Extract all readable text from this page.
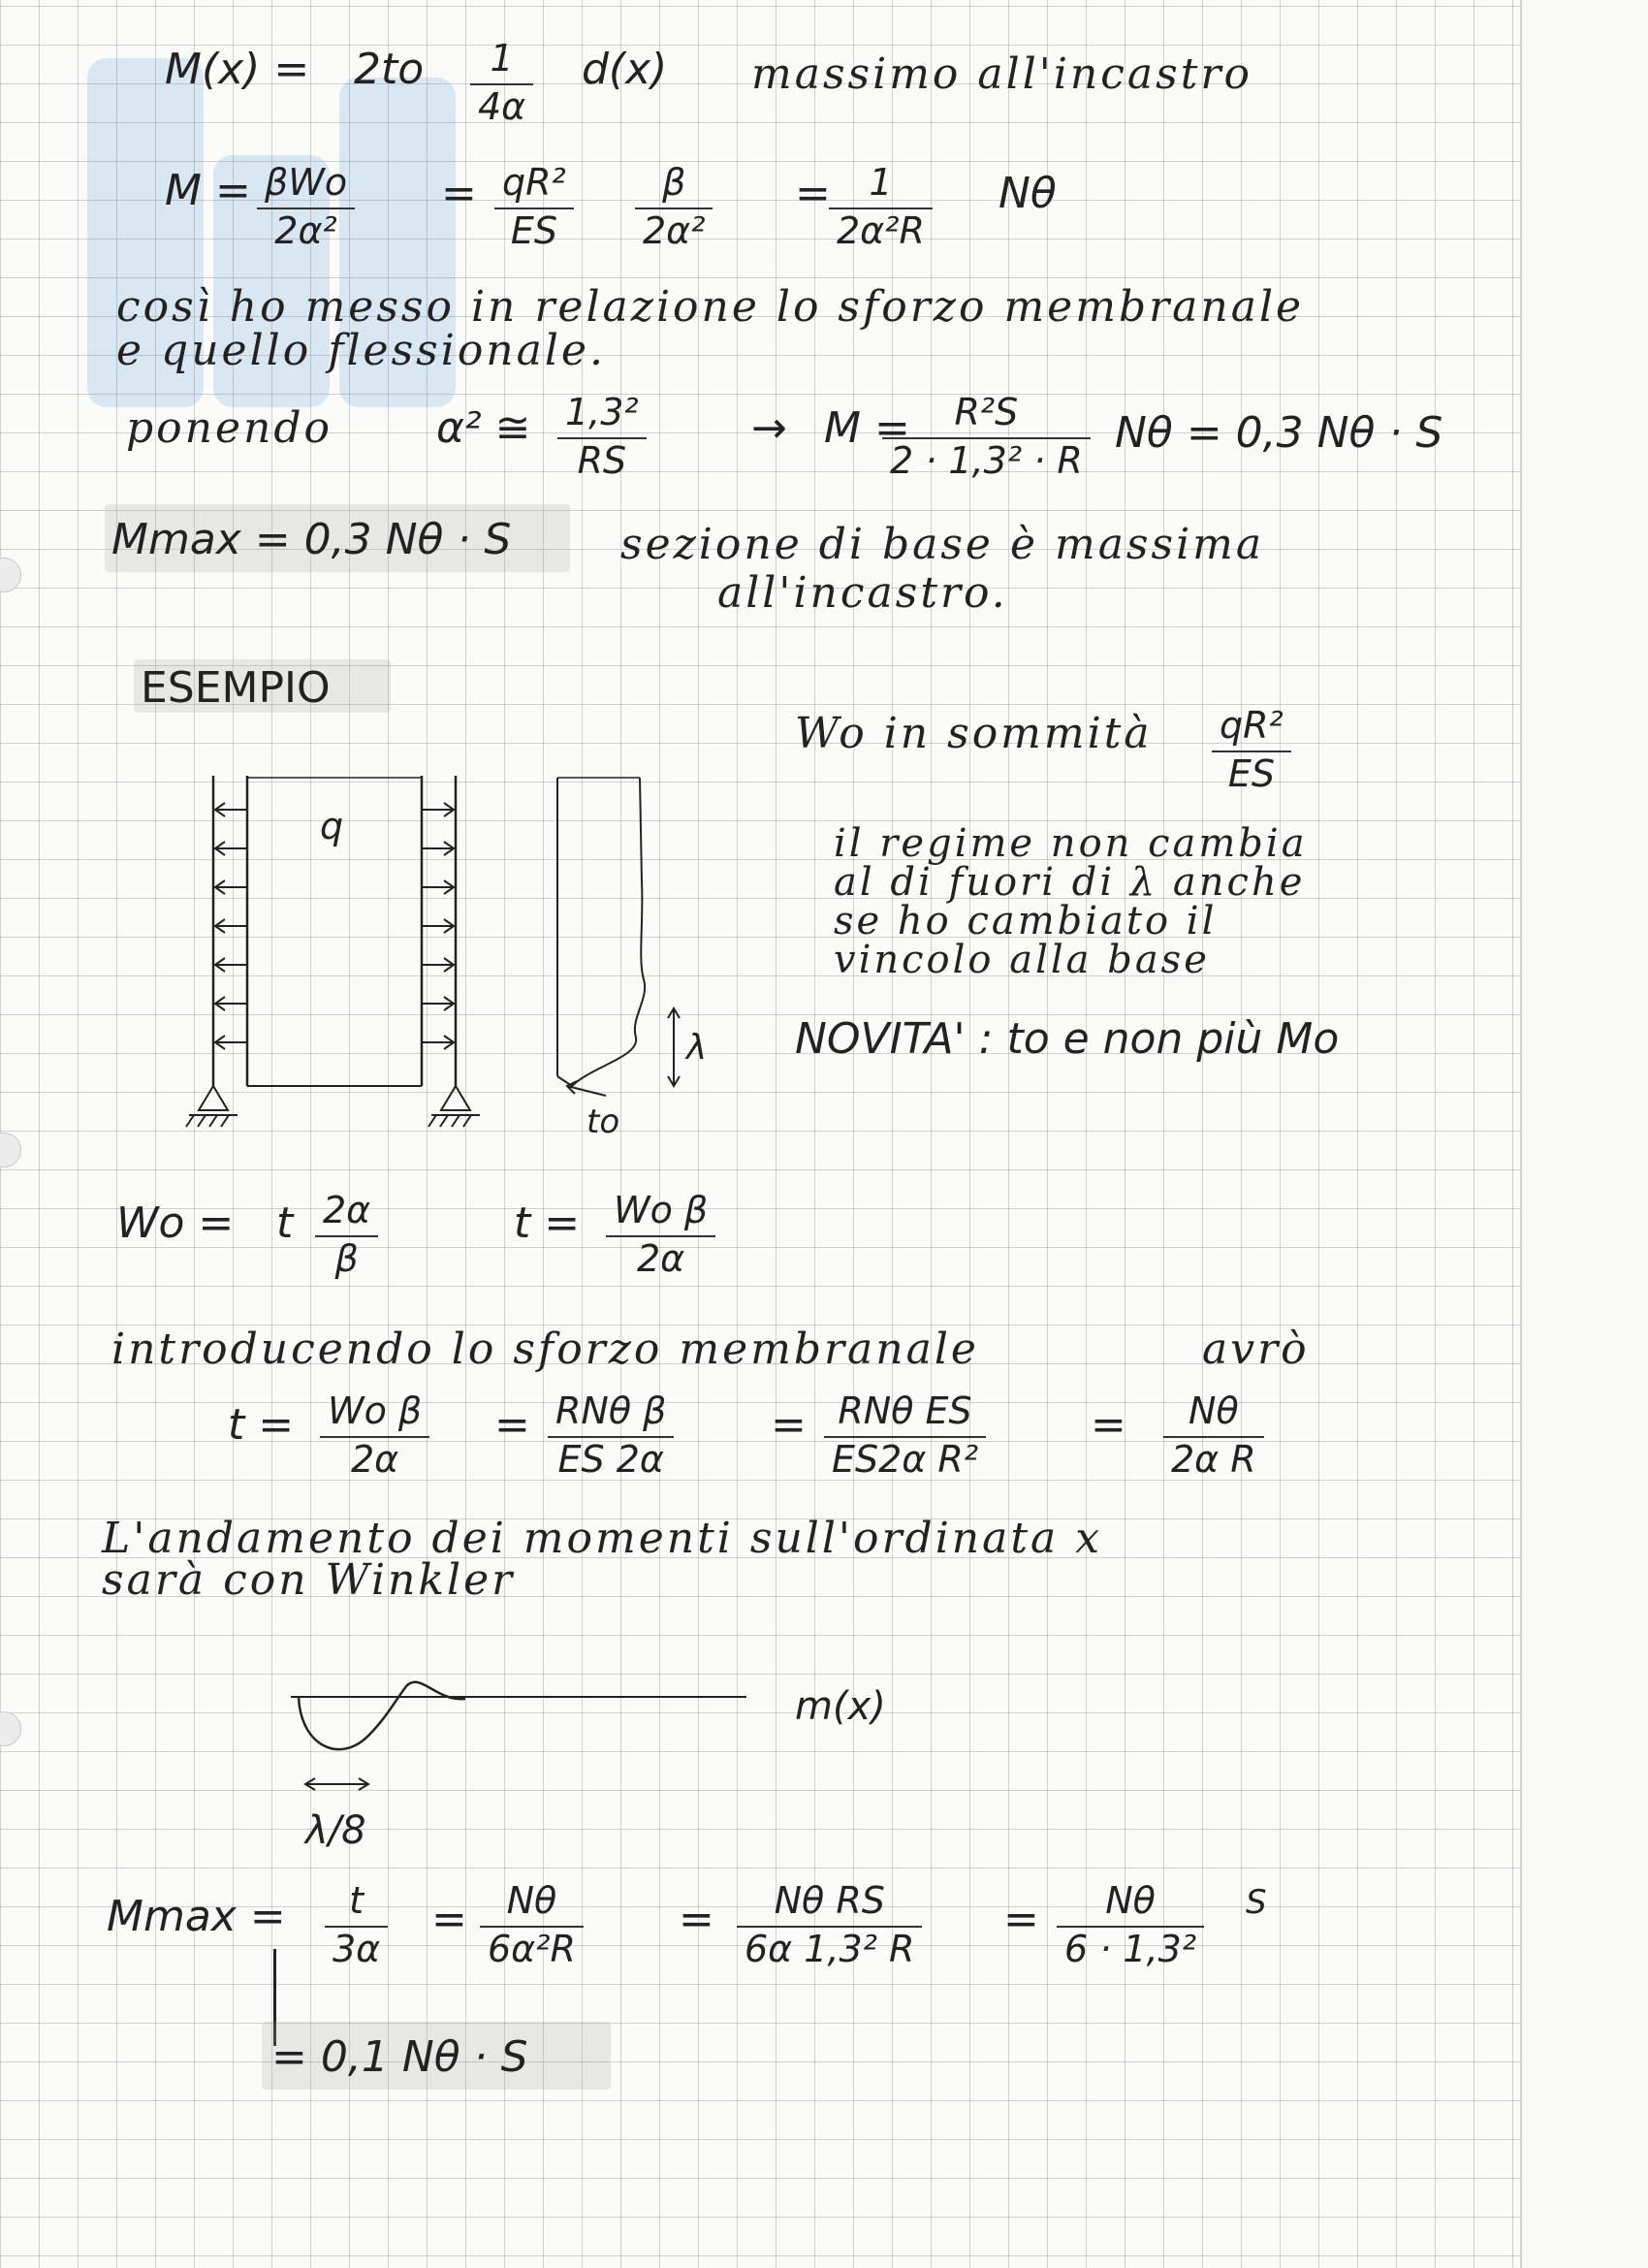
M(x) = 2to 1
4α
d(x) massimo all'incastro
M = βWo
2α²
= qR²
ES
β
2α²
= 1
2α²R
Nθ
così ho messo in relazione lo sforzo membranale
e quello flessionale.
ponendo α² ≅ 1,3²
RS
→ M = R²S
2 · 1,3² · R
Nθ = 0,3 Nθ · S
Mmax = 0,3 Nθ · S	sezione di base è massima
all'incastro.
ESEMPIO
q
λ
to
Wo in sommità qR²
ES
il regime non cambia
al di fuori di λ anche
se ho cambiato il
vincolo alla base
NOVITA' : to e non più Mo
Wo = t 2α
β
t = Wo β
2α
introducendo lo sforzo membranale	avrò
t = Wo β
2α
= RNθ β
ES 2α
= RNθ ES
ES2α R²
= Nθ
2α R
L'andamento dei momenti sull'ordinata x
sarà con Winkler
m(x)
λ/8
Mmax = t
3α
= Nθ
6α²R
= Nθ RS
6α 1,3² R
= Nθ
6 · 1,3²
S
= 0,1 Nθ · S
